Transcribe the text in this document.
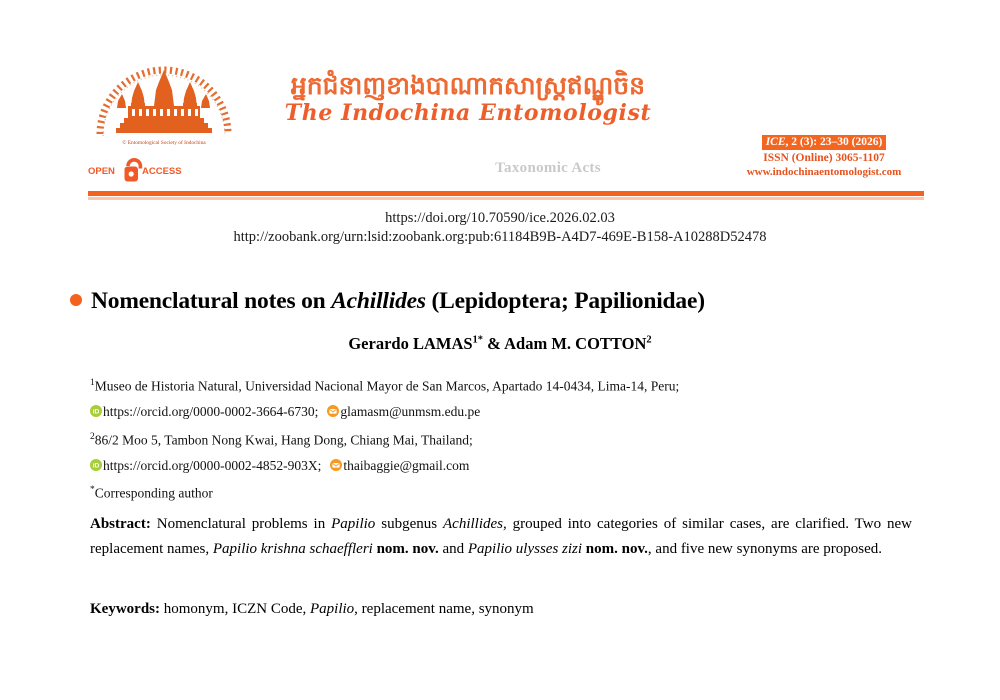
© Entomological Society of Indochina
អ្នកជំនាញខាងបាណាកសាស្ត្រឥណ្ឌូចិន
The Indochina Entomologist
OPEN	ACCESS	Taxonomic Acts
ICE, 2 (3): 23–30 (2026)
ISSN (Online) 3065-1107
www.indochinaentomologist.com
https://doi.org/10.70590/ice.2026.02.03
http://zoobank.org/urn:lsid:zoobank.org:pub:61184B9B-A4D7-469E-B158-A10288D52478
Nomenclatural notes on Achillides (Lepidoptera; Papilionidae)
Gerardo $LAMAS^{1*}$ & Adam M. COTTON$^2$
$^1$Museo de Historia Natural, Universidad Nacional Mayor de San Marcos, Apartado 14-0434, Lima-14, Peru;
iD https://orcid.org/0000-0002-3664-6730; glamasm@unmsm.edu.pe
$^2$86/2 Moo 5, Tambon Nong Kwai, Hang Dong, Chiang Mai, Thailand;
iD https://orcid.org/0000-0002-4852-903X; thaibaggie@gmail.com
*Corresponding author
Abstract: Nomenclatural problems in Papilio subgenus Achillides, grouped into categories of similar cases, are clarified. Two new replacement names, Papilio krishna schaeffleri nom. nov. and Papilio ulysses zizi nom. nov., and five new synonyms are proposed.
Keywords: homonym, ICZN Code, Papilio, replacement name, synonym
